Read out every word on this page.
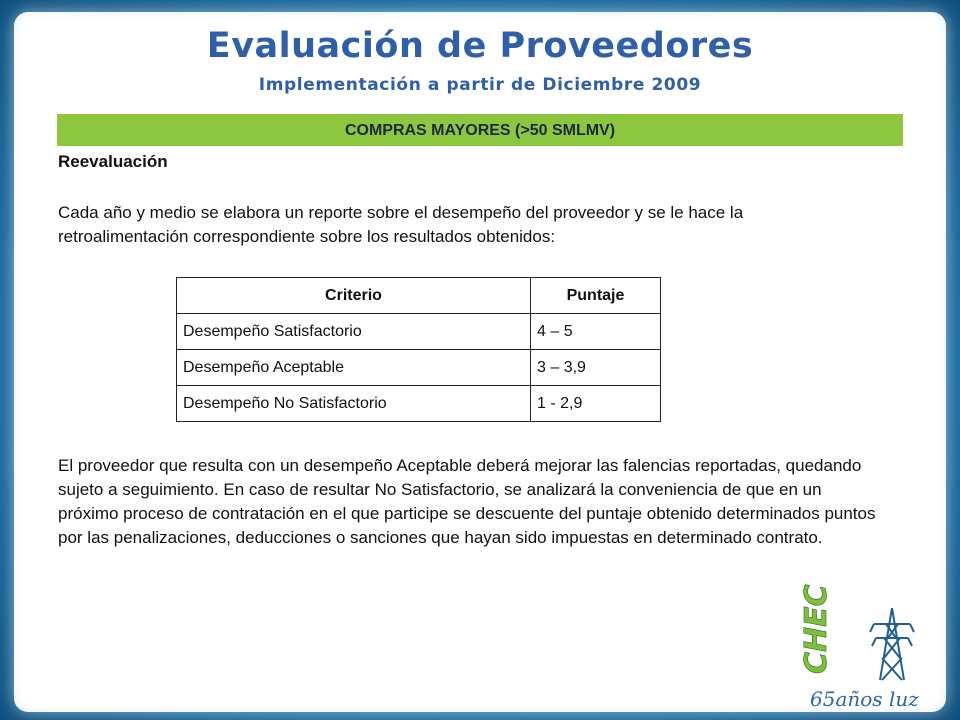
Evaluación de Proveedores
Implementación a partir de Diciembre 2009
COMPRAS MAYORES (>50 SMLMV)
Reevaluación
Cada año y medio se elabora un reporte sobre el desempeño del proveedor y se le hace la retroalimentación correspondiente sobre los resultados obtenidos:
Criterio	Puntaje
Desempeño Satisfactorio	4 – 5
Desempeño Aceptable	3 – 3,9
Desempeño No Satisfactorio	1 - 2,9
El proveedor que resulta con un desempeño Aceptable deberá mejorar las falencias reportadas, quedando sujeto a seguimiento. En caso de resultar No Satisfactorio, se analizará la conveniencia de que en un próximo proceso de contratación en el que participe se descuente del puntaje obtenido determinados puntos por las penalizaciones, deducciones o sanciones que hayan sido impuestas en determinado contrato.
CHEC
65años luz
